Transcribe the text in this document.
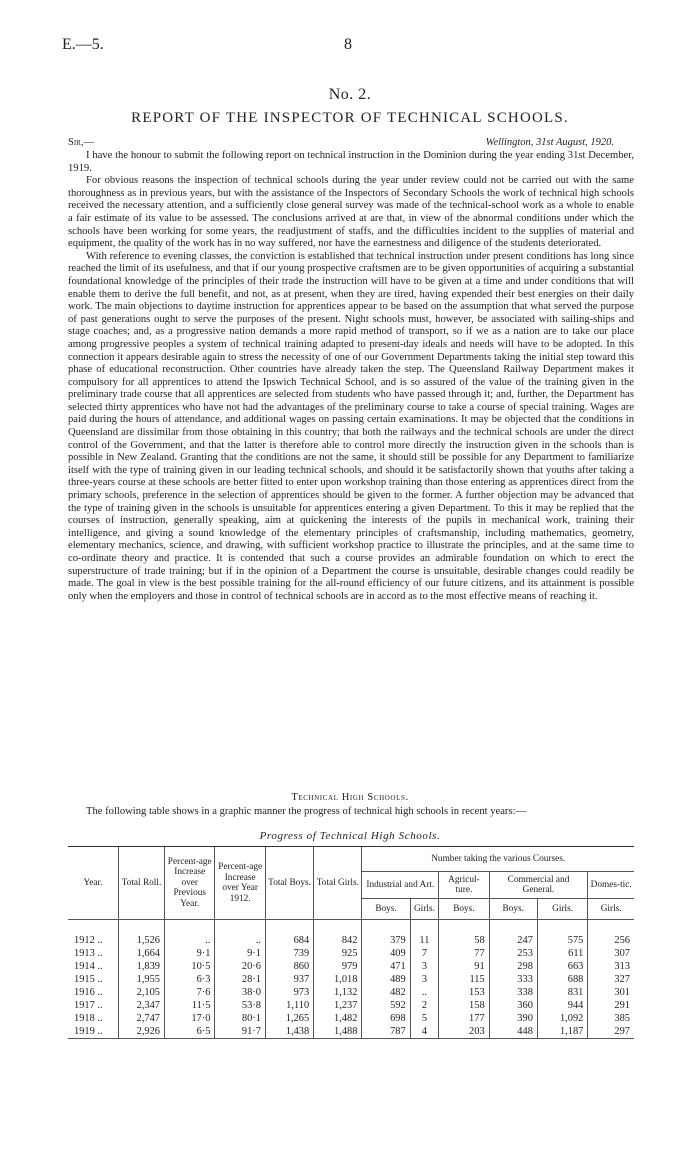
E.—5.	8
No. 2.
REPORT OF THE INSPECTOR OF TECHNICAL SCHOOLS.
Sir,—	Wellington, 31st August, 1920.

I have the honour to submit the following report on technical instruction in the Dominion during the year ending 31st December, 1919.

For obvious reasons the inspection of technical schools during the year under review could not be carried out with the same thoroughness as in previous years, but with the assistance of the Inspectors of Secondary Schools the work of technical high schools received the necessary attention, and a sufficiently close general survey was made of the technical-school work as a whole to enable a fair estimate of its value to be assessed. The conclusions arrived at are that, in view of the abnormal conditions under which the schools have been working for some years, the readjustment of staffs, and the difficulties incident to the supplies of material and equipment, the quality of the work has in no way suffered, nor have the earnestness and diligence of the students deteriorated.

With reference to evening classes, the conviction is established that technical instruction under present conditions has long since reached the limit of its usefulness, and that if our young prospective craftsmen are to be given opportunities of acquiring a substantial foundational knowledge of the principles of their trade the instruction will have to be given at a time and under conditions that will enable them to derive the full benefit, and not, as at present, when they are tired, having expended their best energies on their daily work. The main objections to daytime instruction for apprentices appear to be based on the assumption that what served the purpose of past generations ought to serve the purposes of the present. Night schools must, however, be associated with sailing-ships and stage coaches; and, as a progressive nation demands a more rapid method of transport, so if we as a nation are to take our place among progressive peoples a system of technical training adapted to present-day ideals and needs will have to be adopted. In this connection it appears desirable again to stress the necessity of one of our Government Departments taking the initial step toward this phase of educational reconstruction. Other countries have already taken the step. The Queensland Railway Department makes it compulsory for all apprentices to attend the Ipswich Technical School, and is so assured of the value of the training given in the preliminary trade course that all apprentices are selected from students who have passed through it; and, further, the Department has selected thirty apprentices who have not had the advantages of the preliminary course to take a course of special training. Wages are paid during the hours of attendance, and additional wages on passing certain examinations. It may be objected that the conditions in Queensland are dissimilar from those obtaining in this country; that both the railways and the technical schools are under the direct control of the Government, and that the latter is therefore able to control more directly the instruction given in the schools than is possible in New Zealand. Granting that the conditions are not the same, it should still be possible for any Department to familiarize itself with the type of training given in our leading technical schools, and should it be satisfactorily shown that youths after taking a three-years course at these schools are better fitted to enter upon workshop training than those entering as apprentices direct from the primary schools, preference in the selection of apprentices should be given to the former. A further objection may be advanced that the type of training given in the schools is unsuitable for apprentices entering a given Department. To this it may be replied that the courses of instruction, generally speaking, aim at quickening the interests of the pupils in mechanical work, training their intelligence, and giving a sound knowledge of the elementary principles of craftsmanship, including mathematics, geometry, elementary mechanics, science, and drawing, with sufficient workshop practice to illustrate the principles, and at the same time to co-ordinate theory and practice. It is contended that such a course provides an admirable foundation on which to erect the superstructure of trade training; but if in the opinion of a Department the course is unsuitable, desirable changes could readily be made. The goal in view is the best possible training for the all-round efficiency of our future citizens, and its attainment is possible only when the employers and those in control of technical schools are in accord as to the most effective means of reaching it.

Technical High Schools.
The following table shows in a graphic manner the progress of technical high schools in recent years:—
Progress of Technical High Schools.
Year.	Total Roll.	Percent-age Increase over Previous Year.	Percent-age Increase over Year 1912.	Total Boys.	Total Girls.	Number taking the various Courses.					
						Industrial and Art.		Agricul-ture.	Commercial and General.		Domes-tic.
						Boys.	Girls.	Boys.	Boys.	Girls.	Girls.

1912 ..	1,526	..	..	684	842	379	11	58	247	575	256
1913 ..	1,664	9·1	9·1	739	925	409	7	77	253	611	307
1914 ..	1,839	10·5	20·6	860	979	471	3	91	298	663	313
1915 ..	1,955	6·3	28·1	937	1,018	489	3	115	333	688	327
1916 ..	2,105	7·6	38·0	973	1,132	482	..	153	338	831	301
1917 ..	2,347	11·5	53·8	1,110	1,237	592	2	158	360	944	291
1918 ..	2,747	17·0	80·1	1,265	1,482	698	5	177	390	1,092	385
1919 ..	2,926	6·5	91·7	1,438	1,488	787	4	203	448	1,187	297
